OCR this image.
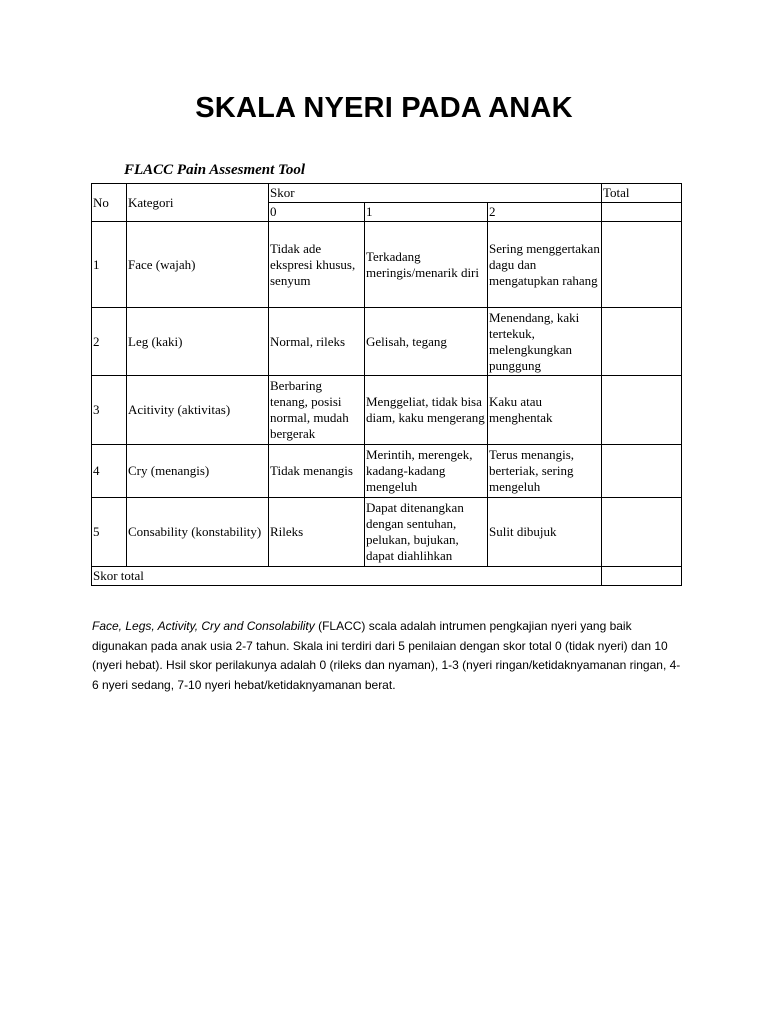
SKALA NYERI PADA ANAK
FLACC Pain Assesment Tool
No	Kategori	Skor			Total
		0	1	2	
1	Face (wajah)	Tidak ade ekspresi khusus, senyum	Terkadang meringis/menarik diri	Sering menggertakan dagu dan mengatupkan rahang	
2	Leg (kaki)	Normal, rileks	Gelisah, tegang	Menendang, kaki tertekuk, melengkungkan punggung	
3	Acitivity (aktivitas)	Berbaring tenang, posisi normal, mudah bergerak	Menggeliat, tidak bisa diam, kaku mengerang	Kaku atau menghentak	
4	Cry (menangis)	Tidak menangis	Merintih, merengek, kadang-kadang mengeluh	Terus menangis, berteriak, sering mengeluh	
5	Consability (konstability)	Rileks	Dapat ditenangkan dengan sentuhan, pelukan, bujukan, dapat diahlihkan	Sulit dibujuk	
Skor total					
Face, Legs, Activity, Cry and Consolability (FLACC) scala adalah intrumen pengkajian nyeri yang baik digunakan pada anak usia 2-7 tahun. Skala ini terdiri dari 5 penilaian dengan skor total 0 (tidak nyeri) dan 10 (nyeri hebat). Hsil skor perilakunya adalah 0 (rileks dan nyaman), 1-3 (nyeri ringan/ketidaknyamanan ringan, 4-6 nyeri sedang, 7-10 nyeri hebat/ketidaknyamanan berat.
